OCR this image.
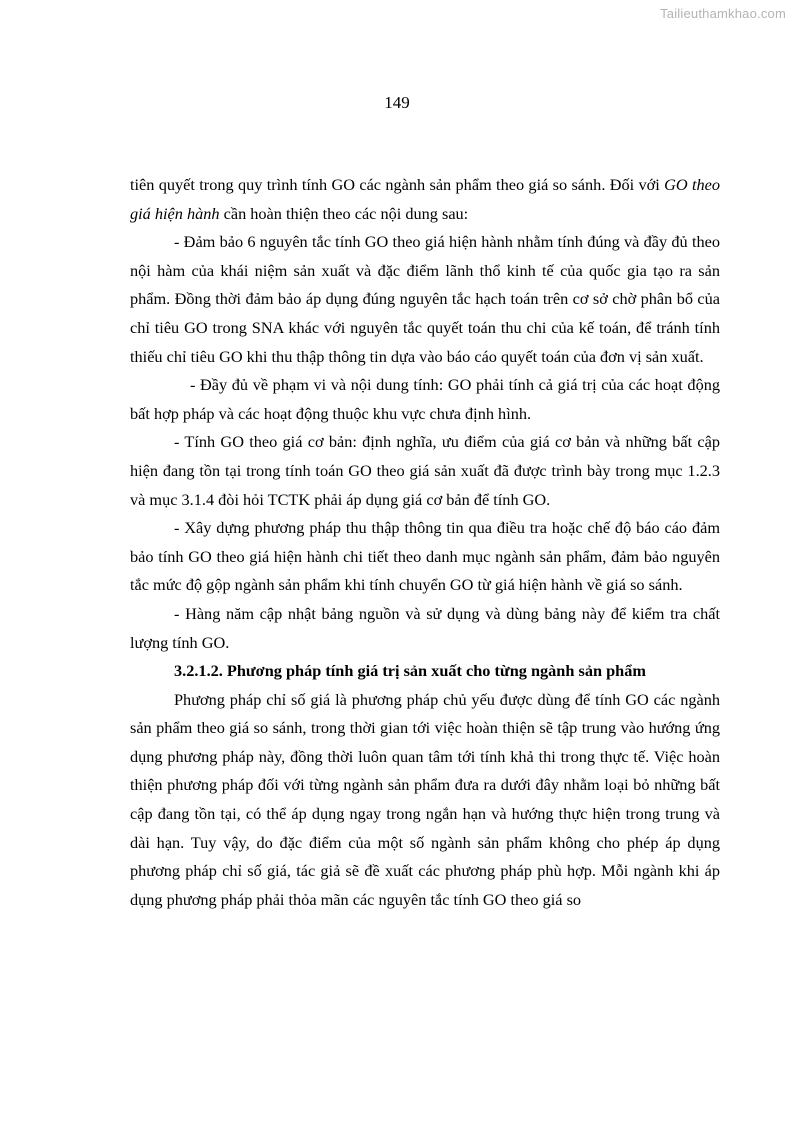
Tailieuthamkhao.com
149

tiên quyết trong quy trình tính GO các ngành sản phẩm theo giá so sánh. Đối với GO theo giá hiện hành cần hoàn thiện theo các nội dung sau:

- Đảm bảo 6 nguyên tắc tính GO theo giá hiện hành nhằm tính đúng và đầy đủ theo nội hàm của khái niệm sản xuất và đặc điểm lãnh thổ kinh tế của quốc gia tạo ra sản phẩm. Đồng thời đảm bảo áp dụng đúng nguyên tắc hạch toán trên cơ sở chờ phân bổ của chỉ tiêu GO trong SNA khác với nguyên tắc quyết toán thu chi của kế toán, để tránh tính thiếu chỉ tiêu GO khi thu thập thông tin dựa vào báo cáo quyết toán của đơn vị sản xuất.

- Đầy đủ về phạm vi và nội dung tính: GO phải tính cả giá trị của các hoạt động bất hợp pháp và các hoạt động thuộc khu vực chưa định hình.

- Tính GO theo giá cơ bản: định nghĩa, ưu điểm của giá cơ bản và những bất cập hiện đang tồn tại trong tính toán GO theo giá sản xuất đã được trình bày trong mục 1.2.3 và mục 3.1.4 đòi hỏi TCTK phải áp dụng giá cơ bản để tính GO.

- Xây dựng phương pháp thu thập thông tin qua điều tra hoặc chế độ báo cáo đảm bảo tính GO theo giá hiện hành chi tiết theo danh mục ngành sản phẩm, đảm bảo nguyên tắc mức độ gộp ngành sản phẩm khi tính chuyển GO từ giá hiện hành về giá so sánh.

- Hàng năm cập nhật bảng nguồn và sử dụng và dùng bảng này để kiểm tra chất lượng tính GO.

3.2.1.2. Phương pháp tính giá trị sản xuất cho từng ngành sản phẩm

Phương pháp chỉ số giá là phương pháp chủ yếu được dùng để tính GO các ngành sản phẩm theo giá so sánh, trong thời gian tới việc hoàn thiện sẽ tập trung vào hướng ứng dụng phương pháp này, đồng thời luôn quan tâm tới tính khả thi trong thực tế. Việc hoàn thiện phương pháp đối với từng ngành sản phẩm đưa ra dưới đây nhằm loại bỏ những bất cập đang tồn tại, có thể áp dụng ngay trong ngắn hạn và hướng thực hiện trong trung và dài hạn. Tuy vậy, do đặc điểm của một số ngành sản phẩm không cho phép áp dụng phương pháp chỉ số giá, tác giả sẽ đề xuất các phương pháp phù hợp. Mỗi ngành khi áp dụng phương pháp phải thỏa mãn các nguyên tắc tính GO theo giá so
